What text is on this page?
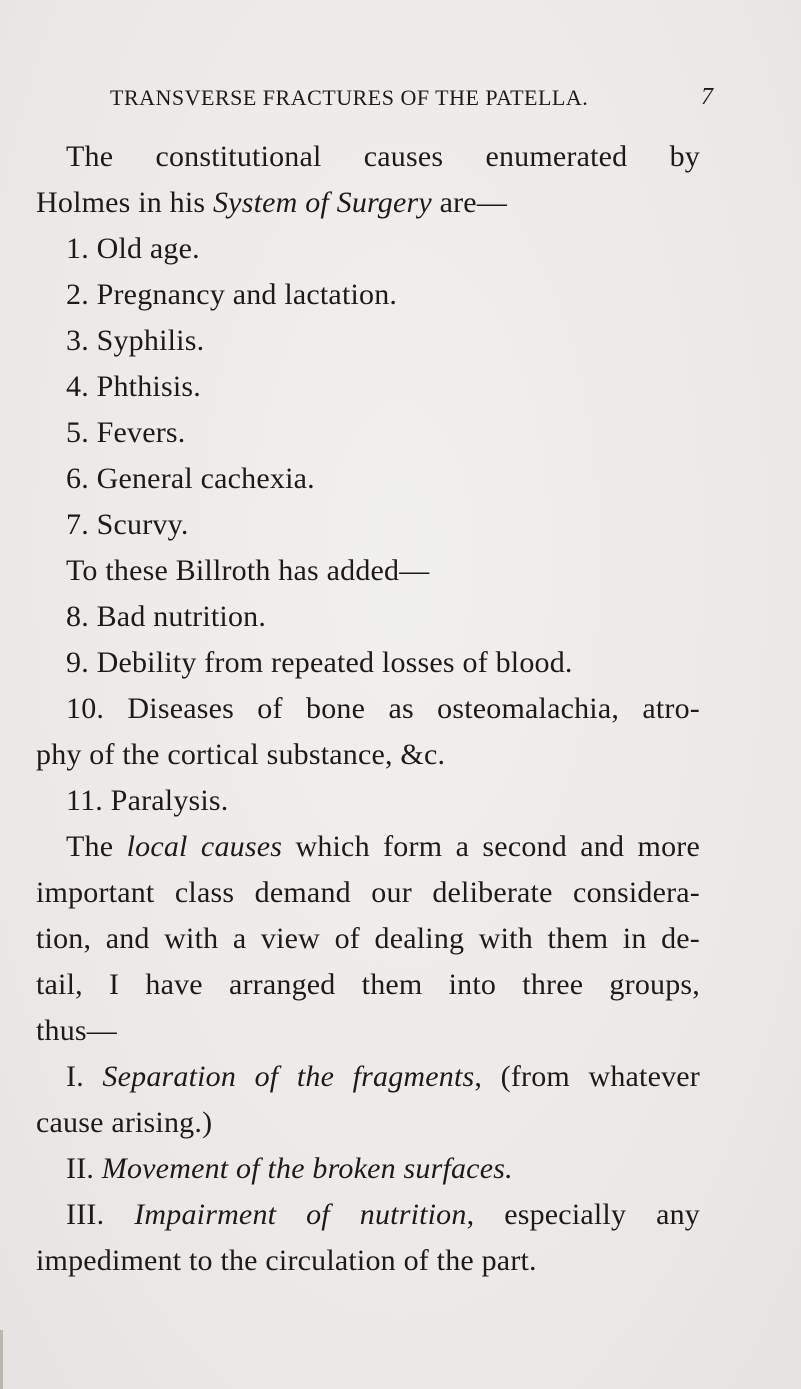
TRANSVERSE FRACTURES OF THE PATELLA.	7
The constitutional causes enumerated by
Holmes in his System of Surgery are—
1. Old age.
2. Pregnancy and lactation.
3. Syphilis.
4. Phthisis.
5. Fevers.
6. General cachexia.
7. Scurvy.
To these Billroth has added—
8. Bad nutrition.
9. Debility from repeated losses of blood.
10. Diseases of bone as osteomalachia, atro-
phy of the cortical substance, &c.
11. Paralysis.
The local causes which form a second and more
important class demand our deliberate considera-
tion, and with a view of dealing with them in de-
tail, I have arranged them into three groups,
thus—
I. Separation of the fragments, (from whatever
cause arising.)
II. Movement of the broken surfaces.
III. Impairment of nutrition, especially any
impediment to the circulation of the part.
